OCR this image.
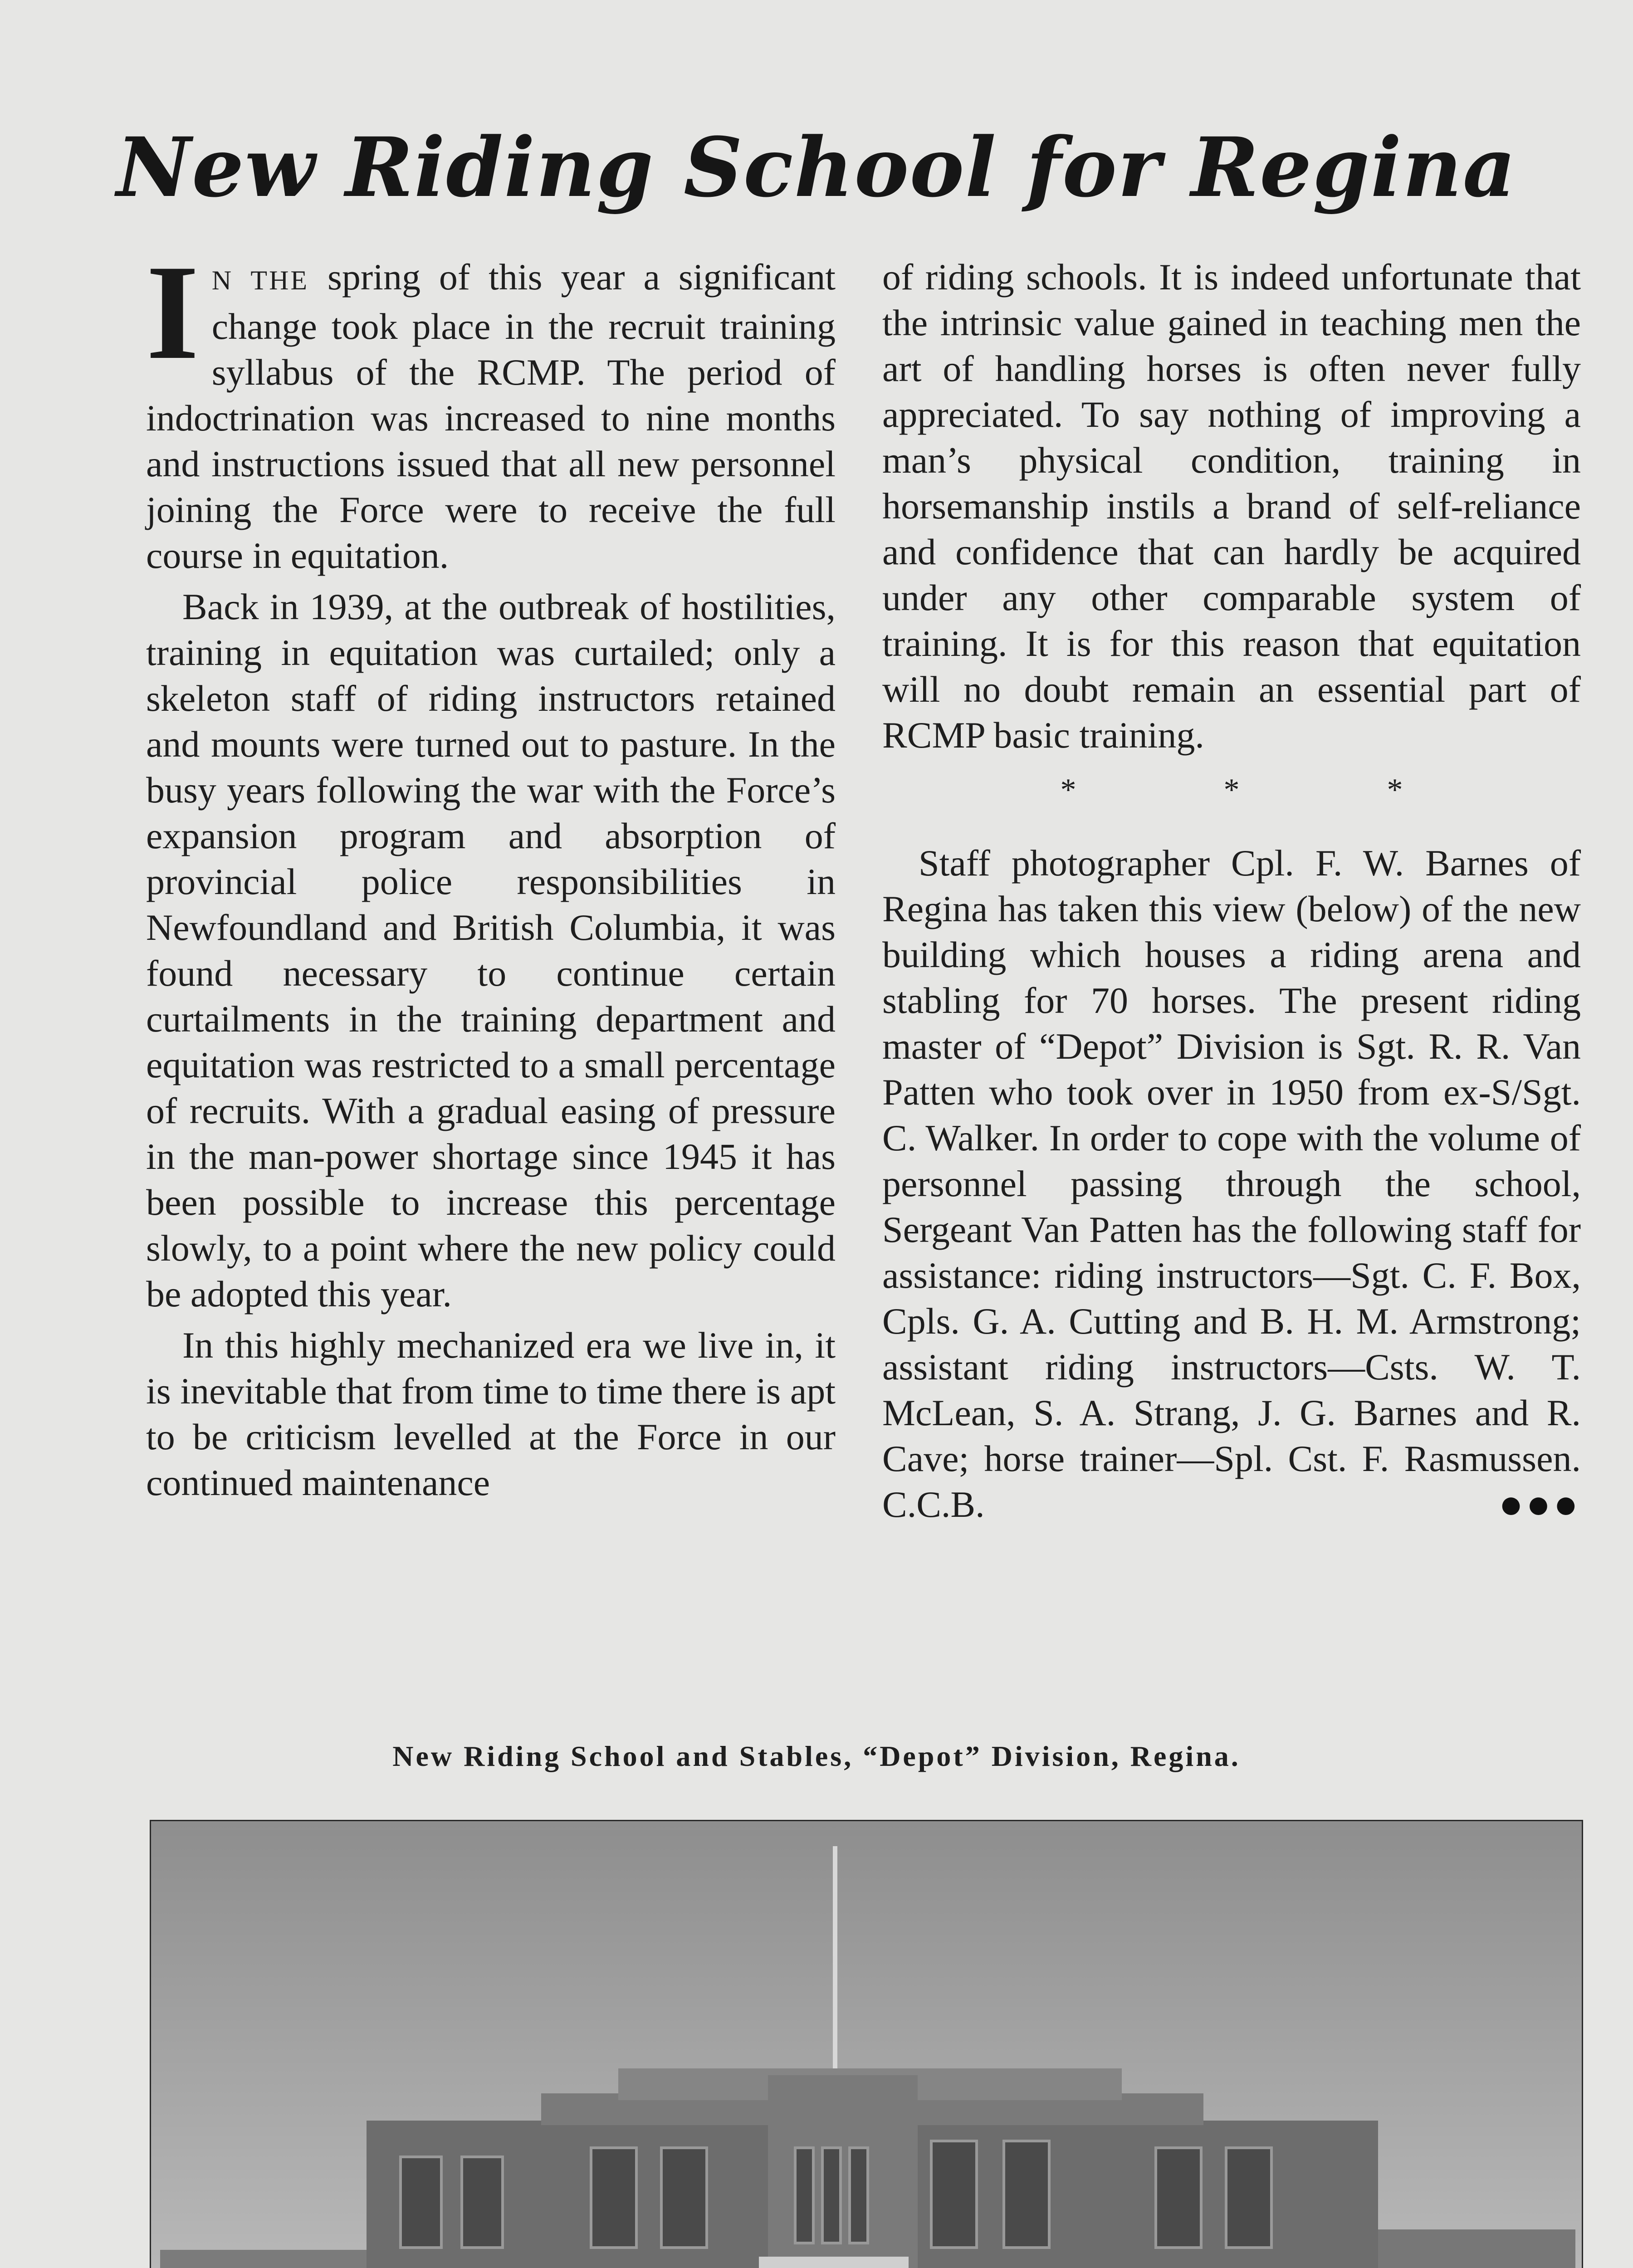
New Riding School for Regina

I N THE spring of this year a significant change took place in the recruit training syllabus of the RCMP. The period of indoctrination was increased to nine months and instructions issued that all new personnel joining the Force were to receive the full course in equitation.

Back in 1939, at the outbreak of hostilities, training in equitation was curtailed; only a skeleton staff of riding instructors retained and mounts were turned out to pasture. In the busy years following the war with the Force’s expansion program and absorption of provincial police responsibilities in Newfoundland and British Columbia, it was found necessary to continue certain curtailments in the training department and equitation was restricted to a small percentage of recruits. With a gradual easing of pressure in the man-power shortage since 1945 it has been possible to increase this percentage slowly, to a point where the new policy could be adopted this year.

In this highly mechanized era we live in, it is inevitable that from time to time there is apt to be criticism levelled at the Force in our continued maintenance

of riding schools. It is indeed unfortunate that the intrinsic value gained in teaching men the art of handling horses is often never fully appreciated. To say nothing of improving a man’s physical condition, training in horsemanship instils a brand of self-reliance and confidence that can hardly be acquired under any other comparable system of training. It is for this reason that equitation will no doubt remain an essential part of RCMP basic training.

*	*	*

Staff photographer Cpl. F. W. Barnes of Regina has taken this view (below) of the new building which houses a riding arena and stabling for 70 horses. The present riding master of “Depot” Division is Sgt. R. R. Van Patten who took over in 1950 from ex-S/Sgt. C. Walker. In order to cope with the volume of personnel passing through the school, Sergeant Van Patten has the following staff for assistance: riding instructors—Sgt. C. F. Box, Cpls. G. A. Cutting and B. H. M. Armstrong; assistant riding instructors—Csts. W. T. McLean, S. A. Strang, J. G. Barnes and R. Cave; horse trainer—Spl. Cst. F. Rasmussen. C.C.B.	●●●

New Riding School and Stables, “Depot” Division, Regina.
